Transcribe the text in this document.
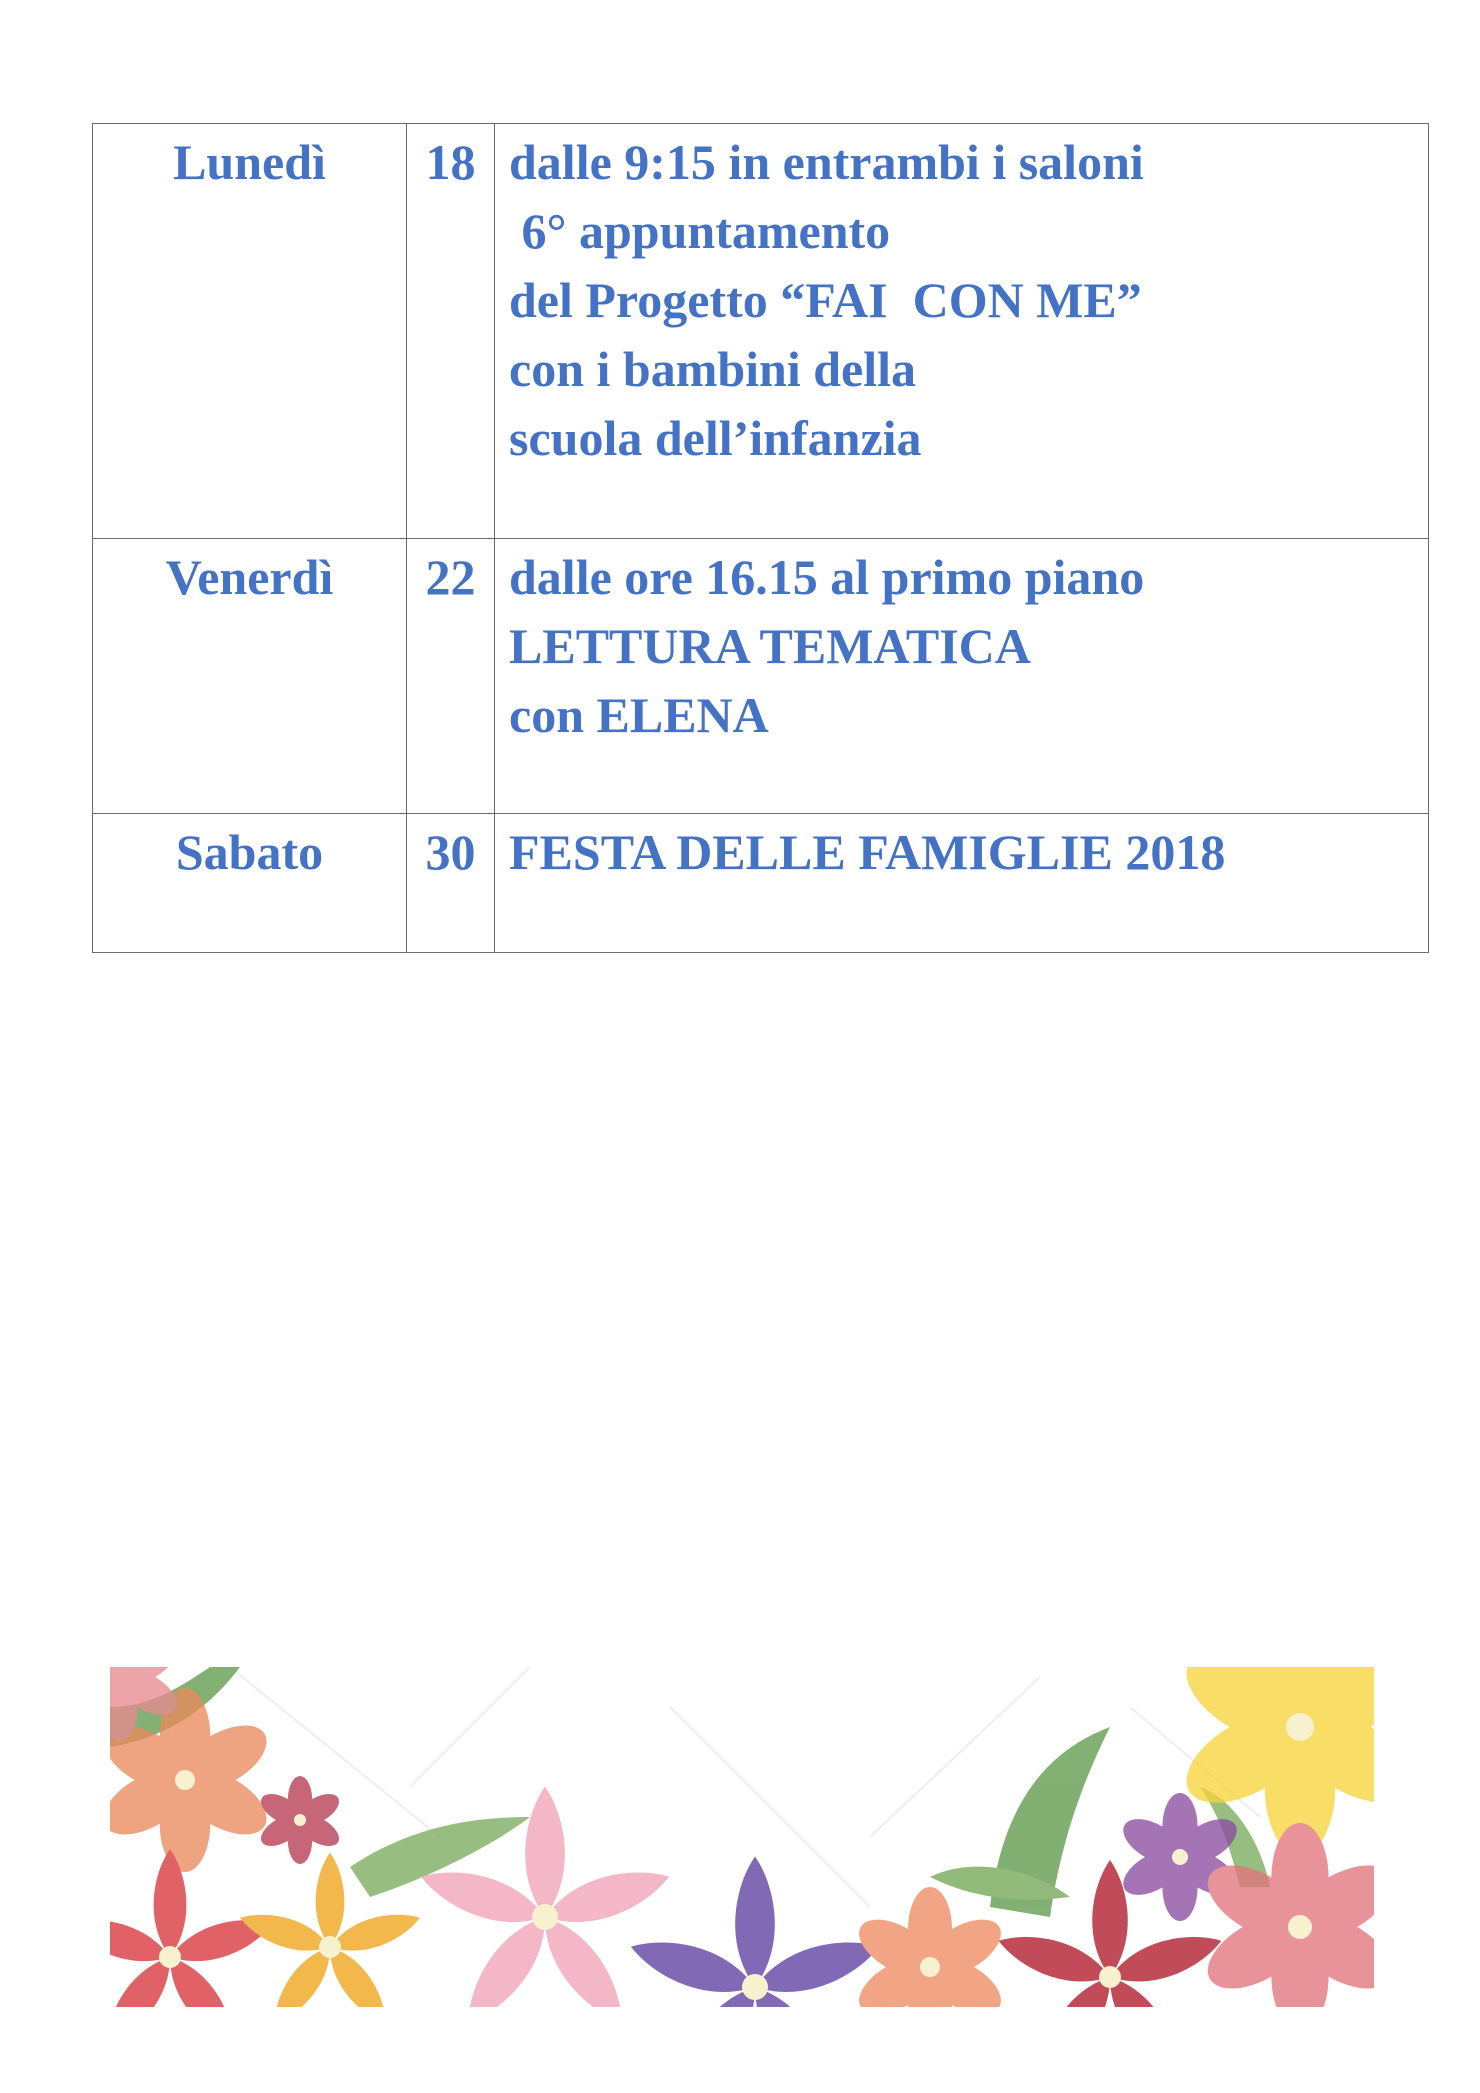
Lunedì	18	dalle 9:15 in entrambi i saloni
6° appuntamento
del Progetto “FAI  CON ME”
con i bambini della
scuola dell’infanzia

Venerdì	22	dalle ore 16.15 al primo piano
LETTURA TEMATICA
con ELENA

Sabato	30	FESTA DELLE FAMIGLIE 2018
